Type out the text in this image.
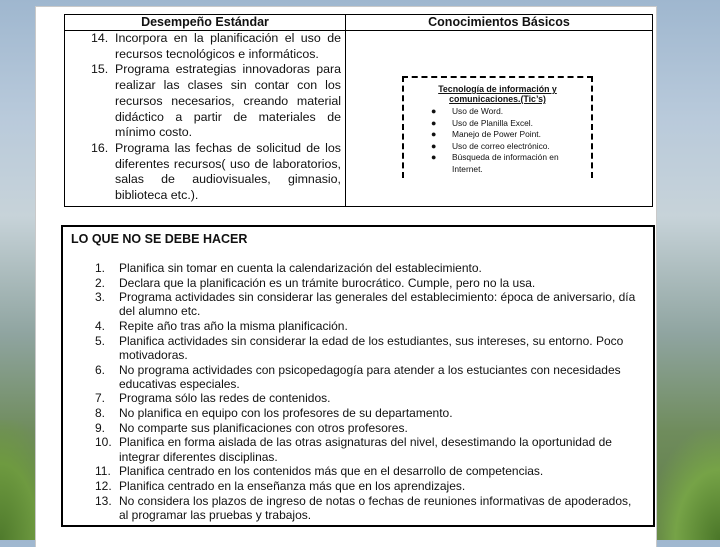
Desempeño Estándar	Conocimientos Básicos
14. Incorpora en la planificación el uso de recursos tecnológicos e informáticos.
15. Programa estrategias innovadoras para realizar las clases sin contar con los recursos necesarios, creando material didáctico a partir de materiales de mínimo costo.
16. Programa las fechas de solicitud de los diferentes recursos( uso de laboratorios, salas de audiovisuales, gimnasio, biblioteca etc.).
Tecnología de información y comunicaciones.(Tic’s)
● Uso de Word.
● Uso de Planilla Excel.
● Manejo de Power Point.
● Uso de correo electrónico.
● Búsqueda de información en Internet.
LO QUE NO SE DEBE HACER
1. Planifica sin tomar en cuenta la calendarización del establecimiento.
2. Declara que la planificación es un trámite burocrático. Cumple, pero no la usa.
3. Programa actividades sin considerar las generales del establecimiento: época de aniversario, día del alumno etc.
4. Repite año tras año la misma planificación.
5. Planifica actividades sin considerar la edad de los estudiantes, sus intereses, su entorno. Poco motivadoras.
6. No programa actividades con psicopedagogía para atender a los estuciantes con necesidades educativas especiales.
7. Programa sólo las redes de contenidos.
8. No planifica en equipo con los profesores de su departamento.
9. No comparte sus planificaciones con otros profesores.
10. Planifica en forma aislada de las otras asignaturas del nivel, desestimando la oportunidad de integrar diferentes disciplinas.
11. Planifica centrado en los contenidos más que en el desarrollo de competencias.
12. Planifica centrado en la enseñanza más que en los aprendizajes.
13. No considera los plazos de ingreso de notas o fechas de reuniones informativas de apoderados, al programar las pruebas y trabajos.
